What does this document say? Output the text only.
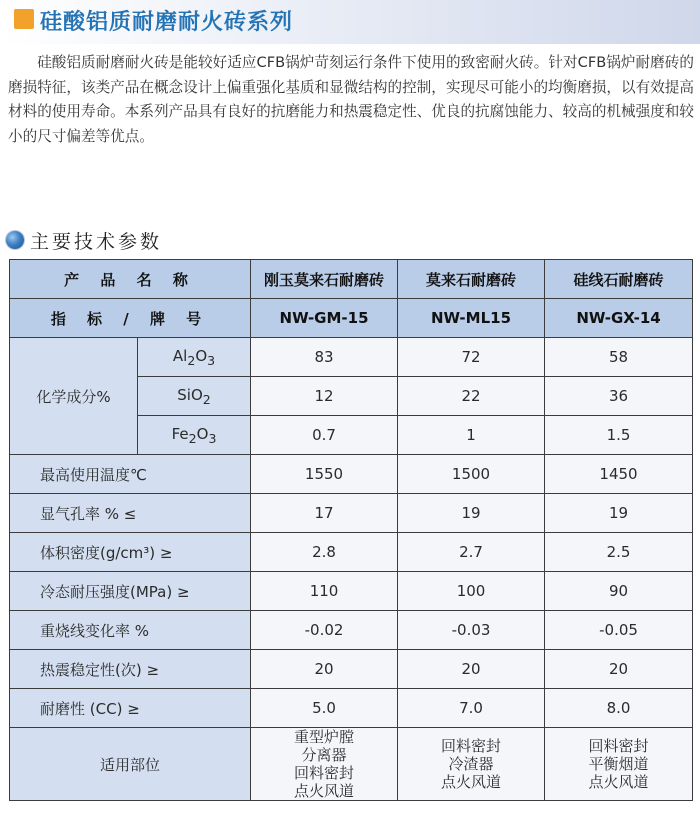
硅酸铝质耐磨耐火砖系列

硅酸铝质耐磨耐火砖是能较好适应CFB锅炉苛刻运行条件下使用的致密耐火砖。针对CFB锅炉耐磨砖的磨损特征，该类产品在概念设计上偏重强化基质和显微结构的控制，实现尽可能小的均衡磨损，以有效提高材料的使用寿命。本系列产品具有良好的抗磨能力和热震稳定性、优良的抗腐蚀能力、较高的机械强度和较小的尺寸偏差等优点。

主要技术参数
产 品 名 称		刚玉莫来石耐磨砖	莫来石耐磨砖	硅线石耐磨砖
指 标 / 牌 号		NW-GM-15	NW-ML15	NW-GX-14
化学成分%	$Al_2O_3$	83	72	58
	SiO$_2$	12	22	36
	$Fe_2O_3$	0.7	1	1.5
最高使用温度℃		1550	1500	1450
显气孔率 % ≤		17	19	19
体积密度(g/cm³) ≥		2.8	2.7	2.5
冷态耐压强度(MPa) ≥		110	100	90
重烧线变化率 %		-0.02	-0.03	-0.05
热震稳定性(次) ≥		20	20	20
耐磨性 (CC) ≥		5.0	7.0	8.0
适用部位		重型炉膛
分离器
回料密封
点火风道	回料密封
冷渣器
点火风道	回料密封
平衡烟道
点火风道
